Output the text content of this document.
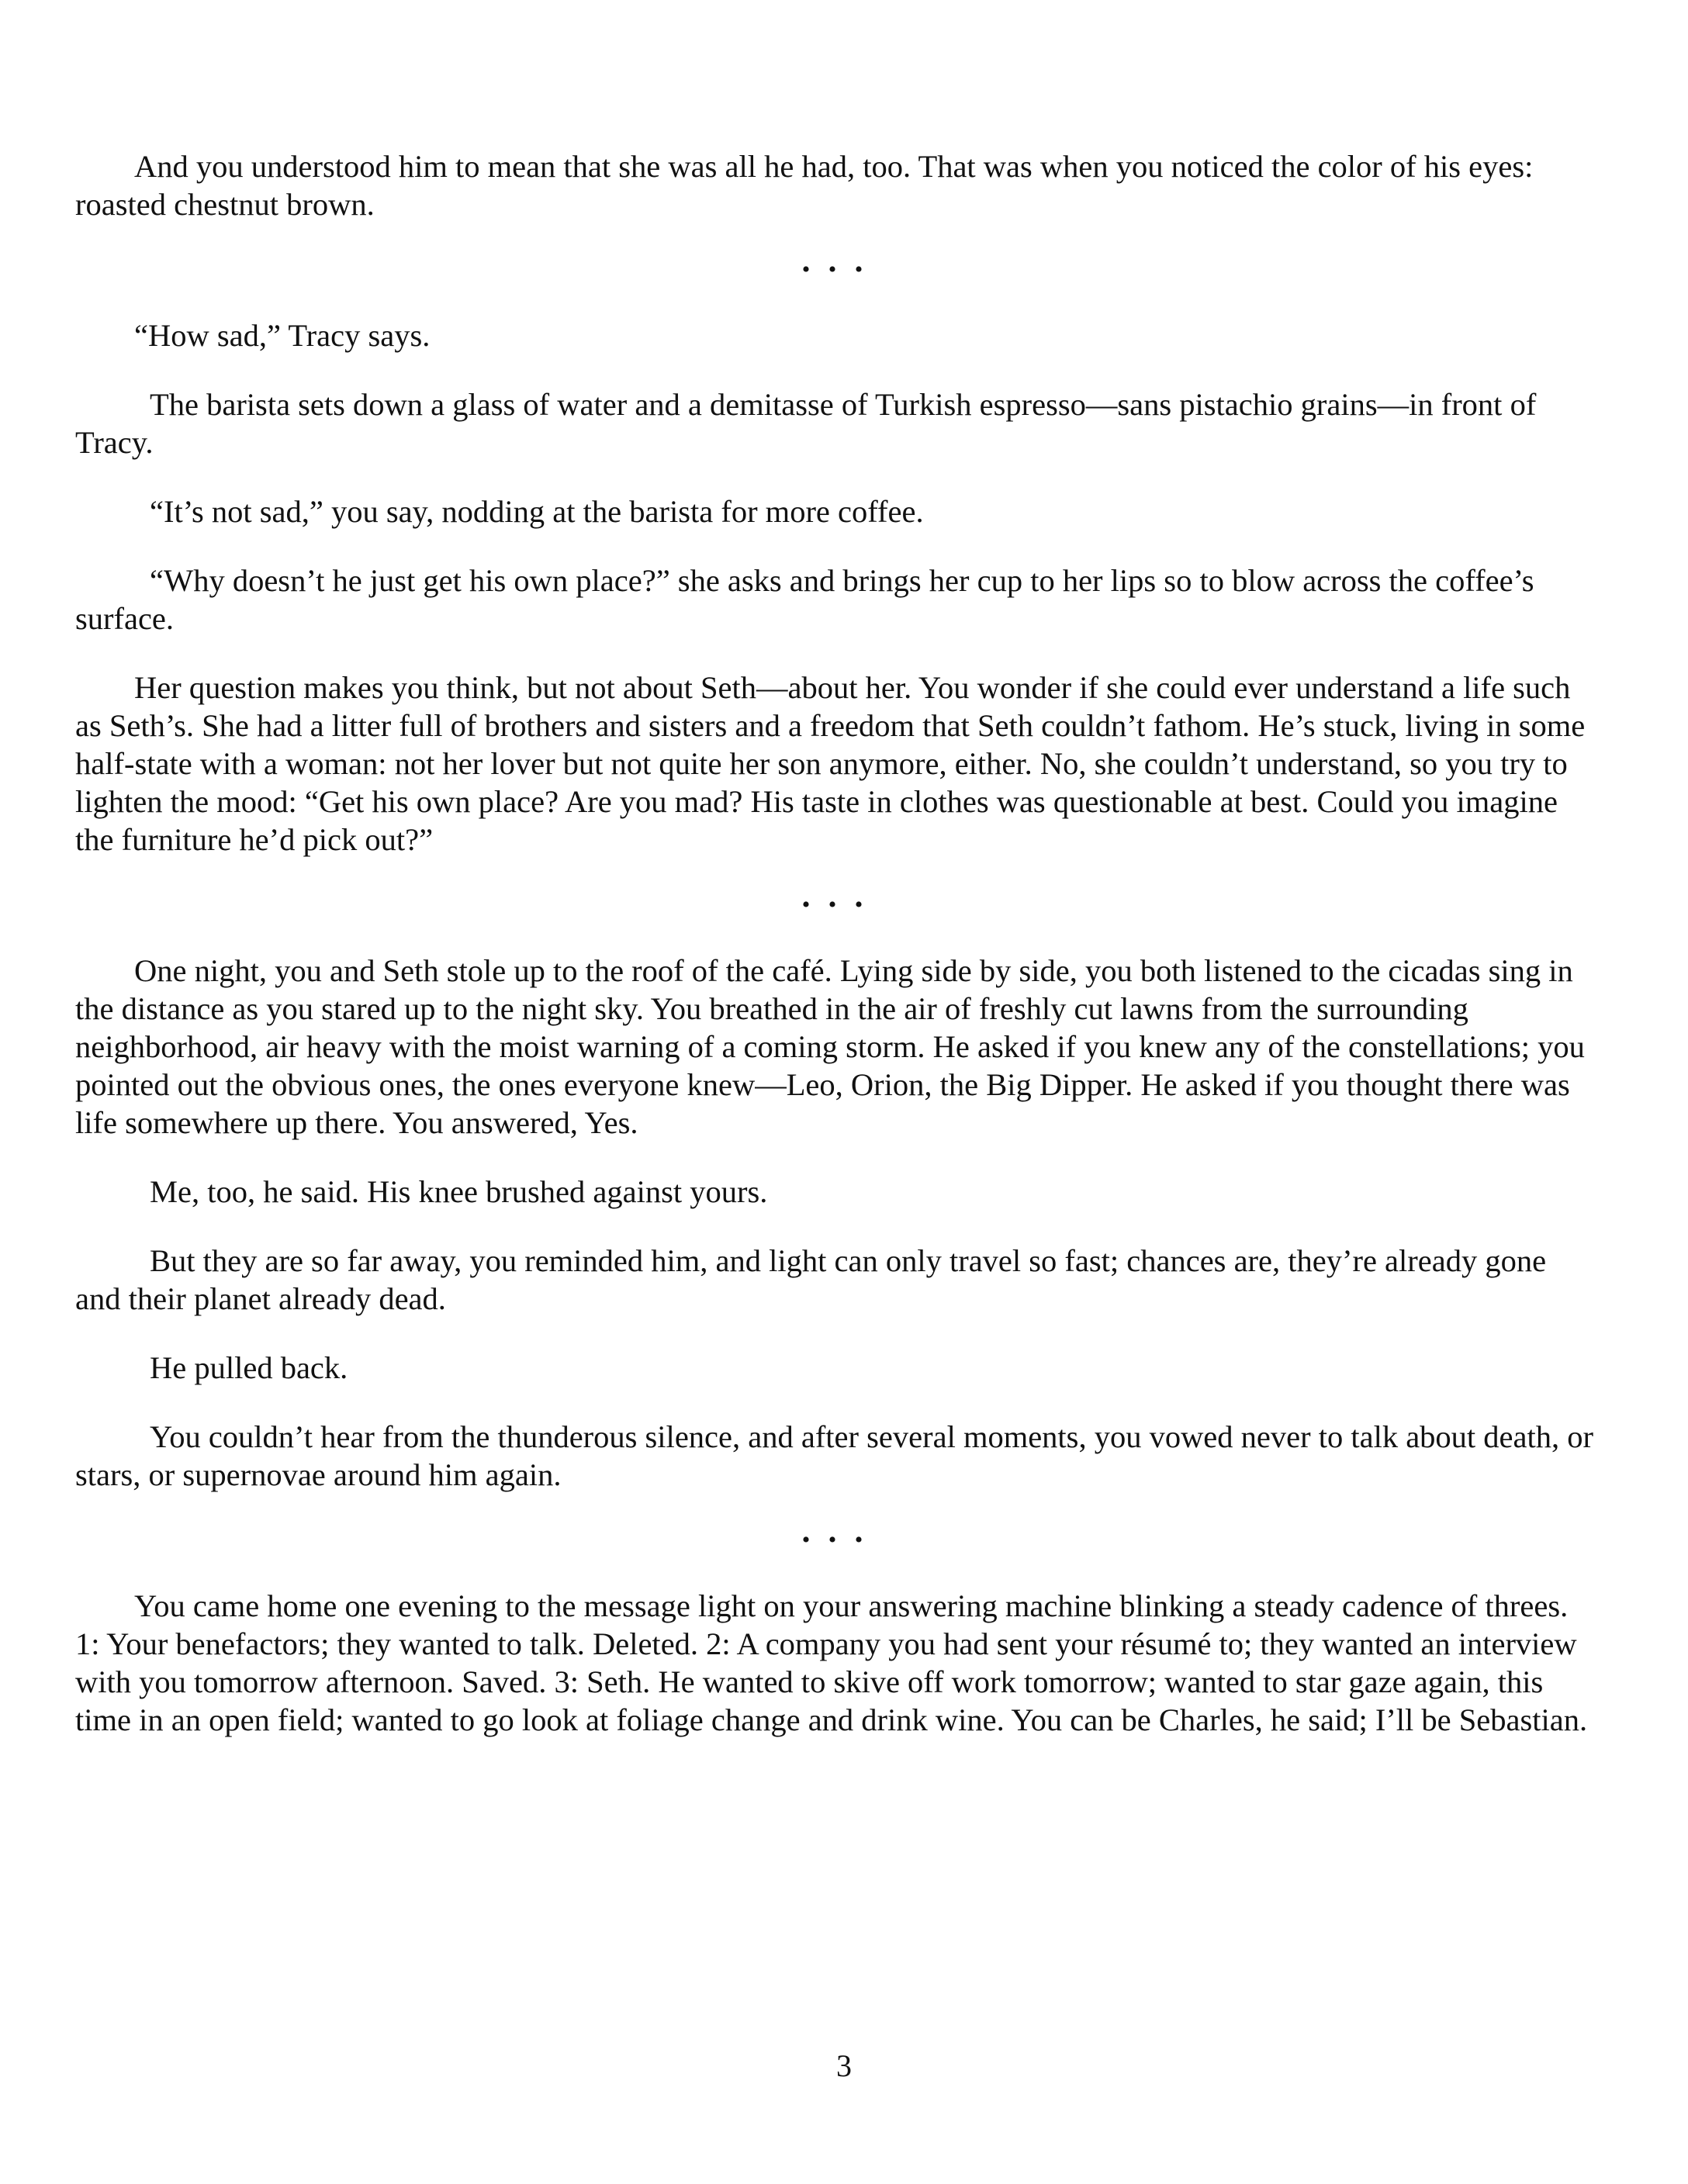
And you understood him to mean that she was all he had, too. That was when you noticed the color of his eyes: roasted chestnut brown.

• • •

“How sad,” Tracy says.

The barista sets down a glass of water and a demitasse of Turkish espresso—sans pistachio grains—in front of Tracy.

“It’s not sad,” you say, nodding at the barista for more coffee.

“Why doesn’t he just get his own place?” she asks and brings her cup to her lips so to blow across the coffee’s surface.

Her question makes you think, but not about Seth—about her. You wonder if she could ever understand a life such as Seth’s. She had a litter full of brothers and sisters and a freedom that Seth couldn’t fathom. He’s stuck, living in some half-state with a woman: not her lover but not quite her son anymore, either. No, she couldn’t understand, so you try to lighten the mood: “Get his own place? Are you mad? His taste in clothes was questionable at best. Could you imagine the furniture he’d pick out?”

• • •

One night, you and Seth stole up to the roof of the café. Lying side by side, you both listened to the cicadas sing in the distance as you stared up to the night sky. You breathed in the air of freshly cut lawns from the surrounding neighborhood, air heavy with the moist warning of a coming storm. He asked if you knew any of the constellations; you pointed out the obvious ones, the ones everyone knew—Leo, Orion, the Big Dipper. He asked if you thought there was life somewhere up there. You answered, Yes.

Me, too, he said. His knee brushed against yours.

But they are so far away, you reminded him, and light can only travel so fast; chances are, they’re already gone and their planet already dead.

He pulled back.

You couldn’t hear from the thunderous silence, and after several moments, you vowed never to talk about death, or stars, or supernovae around him again.

• • •

You came home one evening to the message light on your answering machine blinking a steady cadence of threes. 1: Your benefactors; they wanted to talk. Deleted. 2: A company you had sent your résumé to; they wanted an interview with you tomorrow afternoon. Saved. 3: Seth. He wanted to skive off work tomorrow; wanted to star gaze again, this time in an open field; wanted to go look at foliage change and drink wine. You can be Charles, he said; I’ll be Sebastian.

3
